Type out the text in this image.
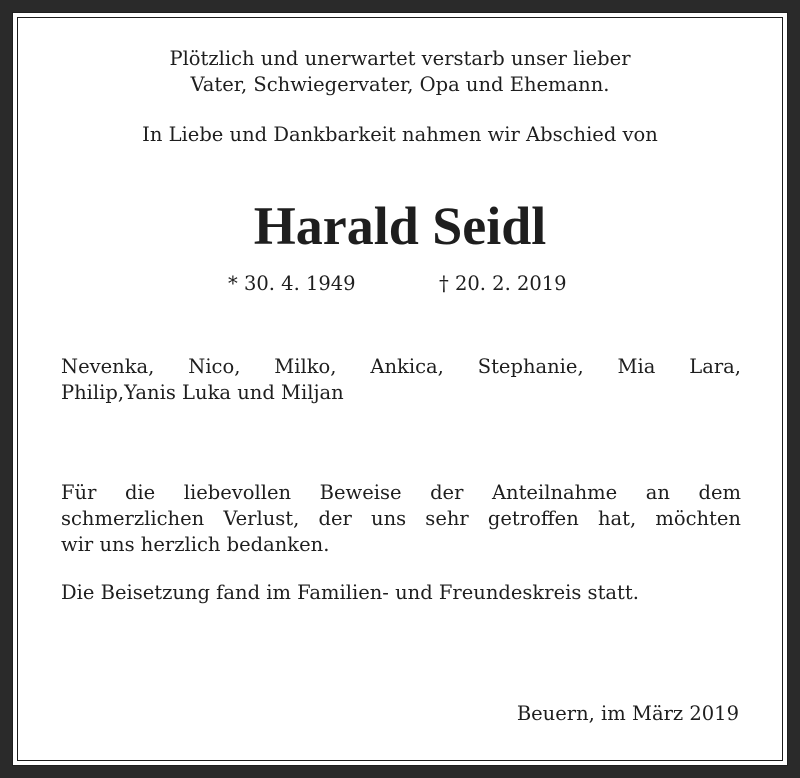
Plötzlich und unerwartet verstarb unser lieber
Vater, Schwiegervater, Opa und Ehemann.
In Liebe und Dankbarkeit nahmen wir Abschied von
Harald Seidl
* 30. 4. 1949	† 20. 2. 2019
Nevenka, Nico, Milko, Ankica, Stephanie, Mia Lara,
Philip,Yanis Luka und Miljan
Für die liebevollen Beweise der Anteilnahme an dem
schmerzlichen Verlust, der uns sehr getroffen hat, möchten
wir uns herzlich bedanken.
Die Beisetzung fand im Familien- und Freundeskreis statt.
Beuern, im März 2019
